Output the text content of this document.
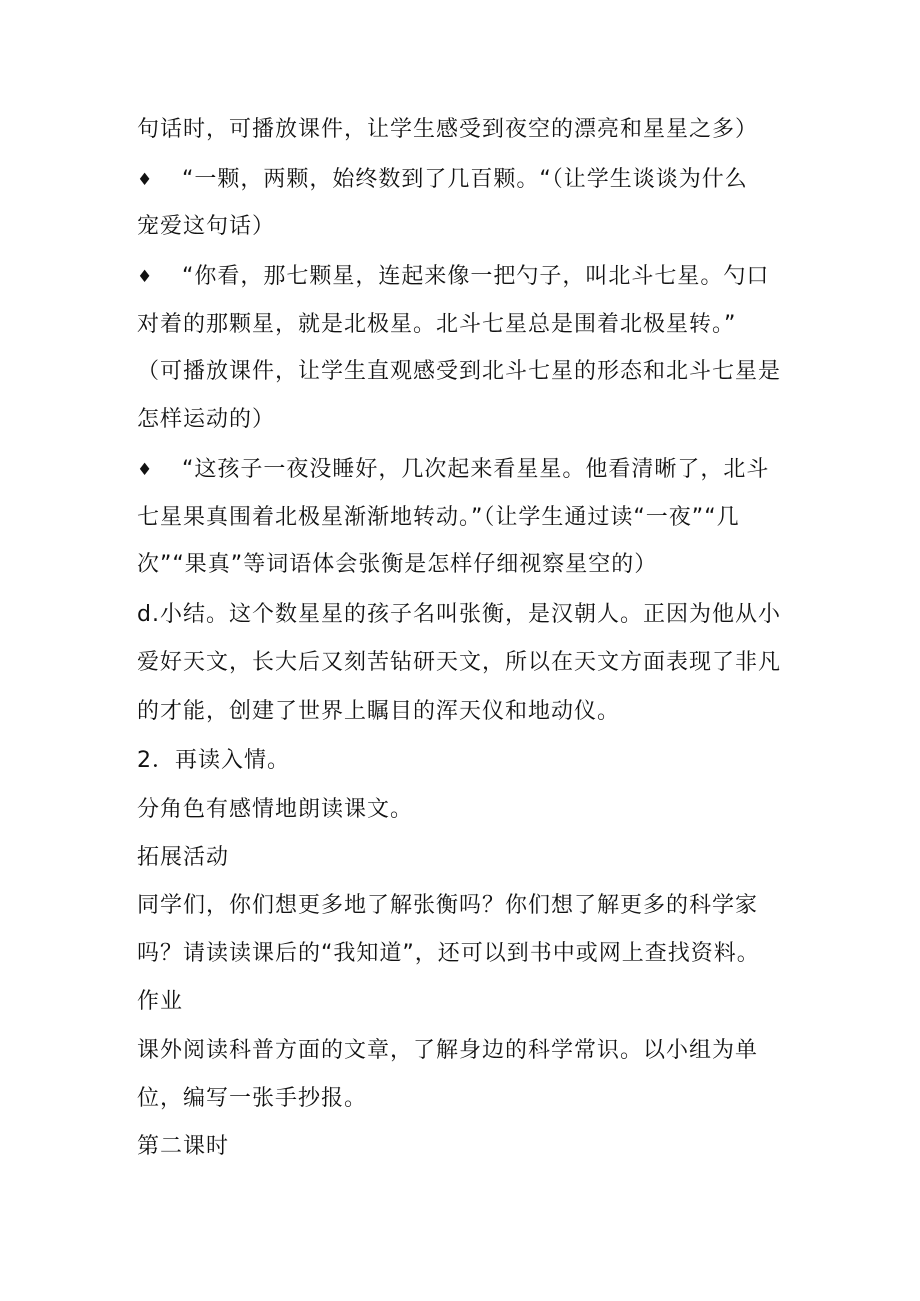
句话时，可播放课件，让学生感受到夜空的漂亮和星星之多）
♦ “一颗，两颗，始终数到了几百颗。“（让学生谈谈为什么
宠爱这句话）
♦ “你看，那七颗星，连起来像一把勺子，叫北斗七星。勺口
对着的那颗星，就是北极星。北斗七星总是围着北极星转。”
（可播放课件，让学生直观感受到北斗七星的形态和北斗七星是
怎样运动的）
♦ “这孩子一夜没睡好，几次起来看星星。他看清晰了，北斗
七星果真围着北极星渐渐地转动。”（让学生通过读“一夜”“几
次”“果真”等词语体会张衡是怎样仔细视察星空的）
d.小结。这个数星星的孩子名叫张衡，是汉朝人。正因为他从小
爱好天文，长大后又刻苦钻研天文，所以在天文方面表现了非凡
的才能，创建了世界上瞩目的浑天仪和地动仪。
2．再读入情。
分角色有感情地朗读课文。
拓展活动
同学们，你们想更多地了解张衡吗？你们想了解更多的科学家
吗？请读读课后的“我知道”，还可以到书中或网上查找资料。
作业
课外阅读科普方面的文章，了解身边的科学常识。以小组为单
位，编写一张手抄报。
第二课时
